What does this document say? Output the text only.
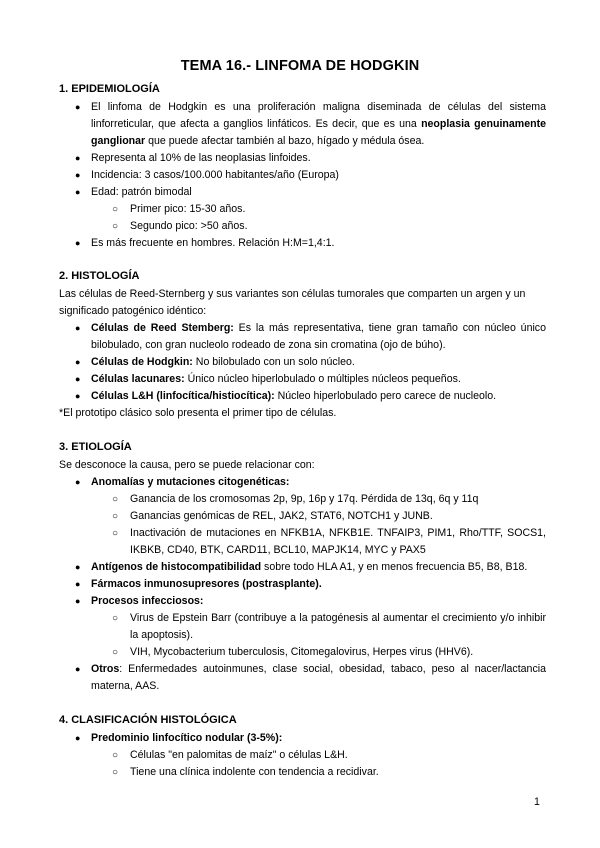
TEMA 16.- LINFOMA DE HODGKIN
1. EPIDEMIOLOGÍA
● El linfoma de Hodgkin es una proliferación maligna diseminada de células del sistema linforreticular, que afecta a ganglios linfáticos. Es decir, que es una neoplasia genuinamente ganglionar que puede afectar también al bazo, hígado y médula ósea.
● Representa al 10% de las neoplasias linfoides.
● Incidencia: 3 casos/100.000 habitantes/año (Europa)
● Edad: patrón bimodal
○ Primer pico: 15-30 años.
○ Segundo pico: >50 años.
● Es más frecuente en hombres. Relación H:M=1,4:1.
2. HISTOLOGÍA
Las células de Reed-Sternberg y sus variantes son células tumorales que comparten un argen y un significado patogénico idéntico:
● Células de Reed Stemberg: Es la más representativa, tiene gran tamaño con núcleo único bilobulado, con gran nucleolo rodeado de zona sin cromatina (ojo de búho).
● Células de Hodgkin: No bilobulado con un solo núcleo.
● Células lacunares: Único núcleo hiperlobulado o múltiples núcleos pequeños.
● Células L&H (linfocítica/histiocítica): Núcleo hiperlobulado pero carece de nucleolo.
*El prototipo clásico solo presenta el primer tipo de células.
3. ETIOLOGÍA
Se desconoce la causa, pero se puede relacionar con:
● Anomalías y mutaciones citogenéticas:
○ Ganancia de los cromosomas 2p, 9p, 16p y 17q. Pérdida de 13q, 6q y 11q
○ Ganancias genómicas de REL, JAK2, STAT6, NOTCH1 y JUNB.
○ Inactivación de mutaciones en NFKB1A, NFKB1E. TNFAIP3, PIM1, Rho/TTF, SOCS1, IKBKB, CD40, BTK, CARD11, BCL10, MAPJK14, MYC y PAX5
● Antígenos de histocompatibilidad sobre todo HLA A1, y en menos frecuencia B5, B8, B18.
● Fármacos inmunosupresores (postrasplante).
● Procesos infecciosos:
○ Virus de Epstein Barr (contribuye a la patogénesis al aumentar el crecimiento y/o inhibir la apoptosis).
○ VIH, Mycobacterium tuberculosis, Citomegalovirus, Herpes virus (HHV6).
● Otros: Enfermedades autoinmunes, clase social, obesidad, tabaco, peso al nacer/lactancia materna, AAS.
4. CLASIFICACIÓN HISTOLÓGICA
● Predominio linfocítico nodular (3-5%):
○ Células "en palomitas de maíz" o células L&H.
○ Tiene una clínica indolente con tendencia a recidivar.
1
